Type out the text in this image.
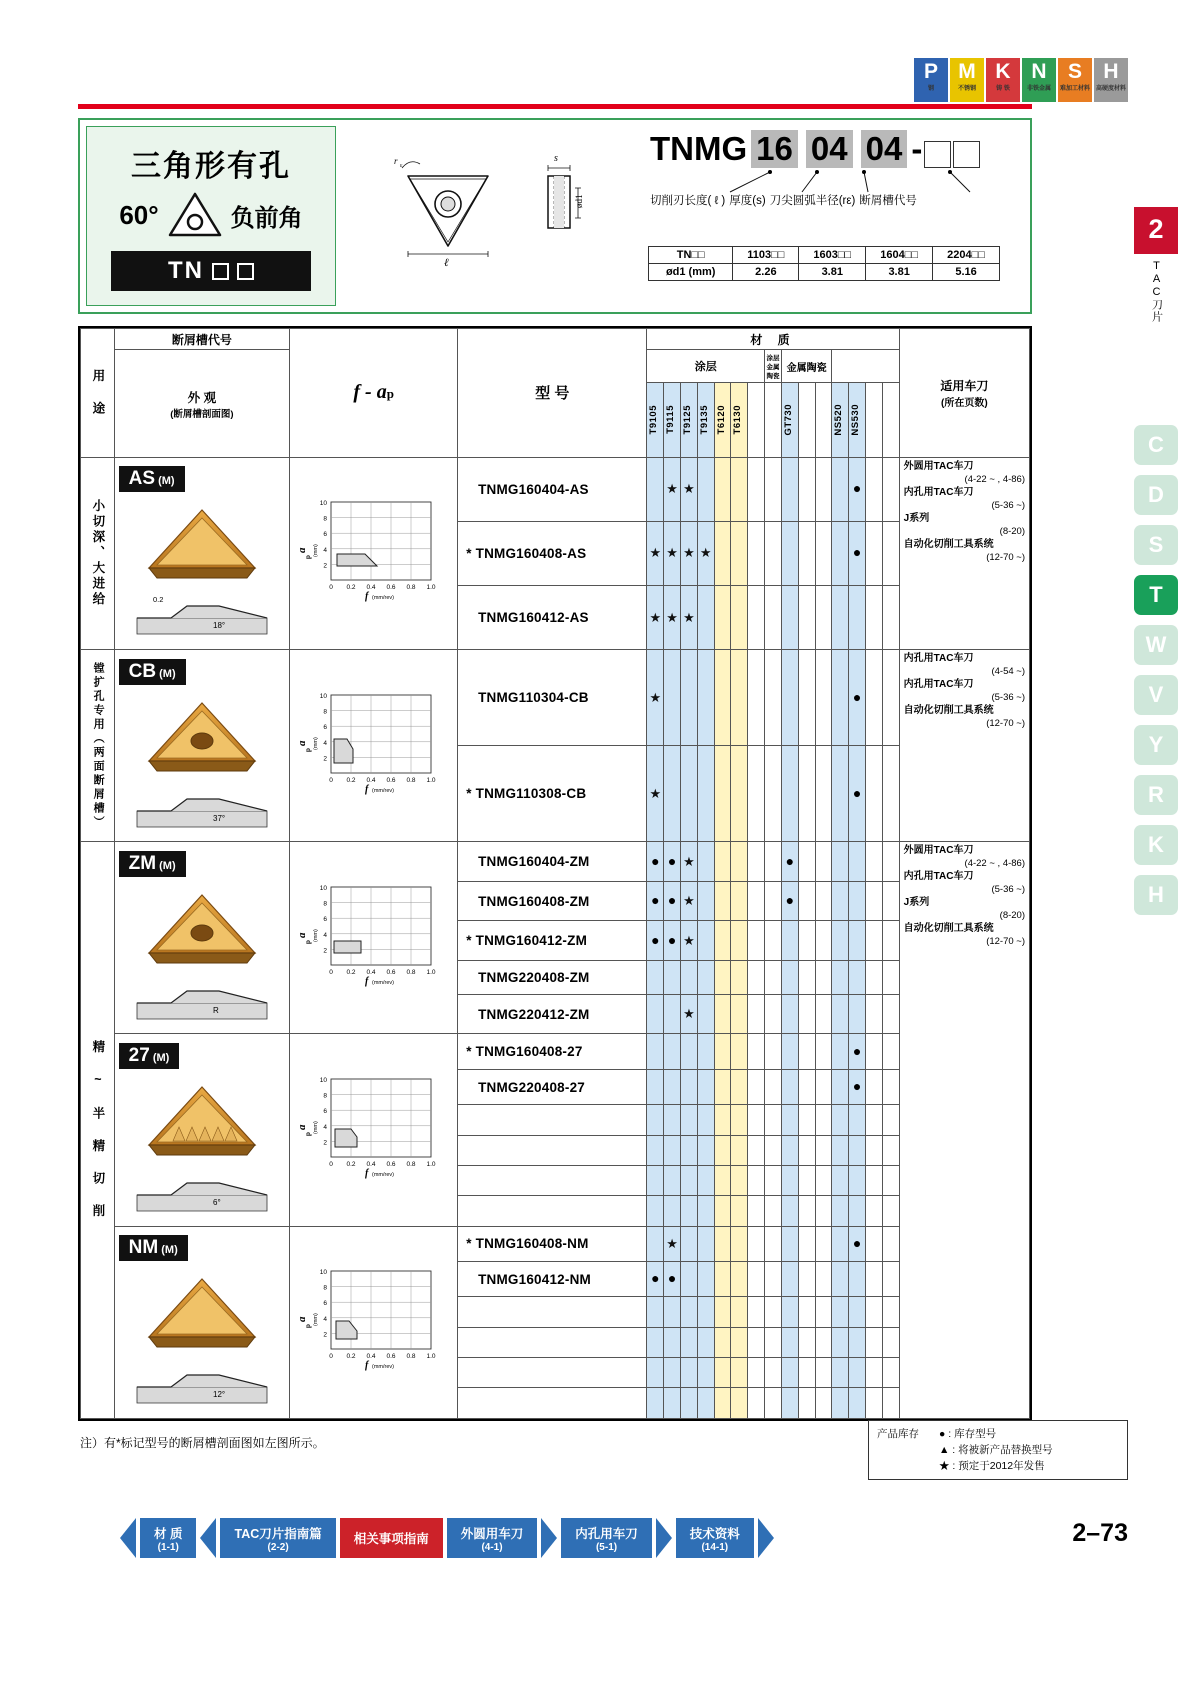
P
钢
M
不锈钢
K
铸 铁
N
非铁金属
S
难加工材料
H
高硬度材料
三角形有孔
60°	负前角
TN
r ε
ℓ
s
ød1
TNMG 16 04 04 -
切削刃长度( ℓ ) 厚度(s) 刀尖圆弧半径(rε) 断屑槽代号
TN□□	1103□□	1603□□	1604□□	2204□□
ød1 (mm)	2.26	3.81	3.81	5.16
2
TAC刀片
C
D
S
T
W
V
Y
R
K
H
用 途	断屑槽代号	f - ap	型 号	材 质															适用车刀
(所在页数)

	外 观
(断屑槽剖面图)			涂层							涂层金属陶瓷	金属陶瓷							

				T9105	T9115	T9125	T9135	T6120	T6130			GT730			NS520	NS530			

小切深、大进给

AS (M)
18°
0.2

10
8
6
4
2
0 0.2 0.4 0.6 0.8 1.0
a
p
(mm)
f (mm/rev)
	TNMG160404-AS		★	★										●			
外圆用TAC车刀
(4-22 ~ , 4-86)
内孔用TAC车刀
(5-36 ~)
J系列
(8-20)
自动化切削工具系统
(12-70 ~)

			* TNMG160408-AS	★	★	★	★									●			
			TNMG160412-AS	★	★	★													

镗扩孔专用（两面断屑槽）	CB (M)
37°

10
8
6
4
2
0 0.2 0.4 0.6 0.8 1.0
a
p
(mm)
f (mm/rev)
	TNMG110304-CB	★												●			
内孔用TAC车刀
(4-54 ~)
内孔用TAC车刀
(5-36 ~)
自动化切削工具系统
(12-70 ~)

			* TNMG110308-CB	★												●			

精 ~ 半 精 切 削

ZM (M)
R

10
8
6
4
2
0 0.2 0.4 0.6 0.8 1.0
a
p
(mm)
f (mm/rev)
	TNMG160404-ZM	●	●	★						●							
外圆用TAC车刀
(4-22 ~ , 4-86)
内孔用TAC车刀
(5-36 ~)
J系列
(8-20)
自动化切削工具系统
(12-70 ~)

			TNMG160408-ZM	●	●	★						●							
			* TNMG160412-ZM	●	●	★													
			TNMG220408-ZM																
			TNMG220412-ZM			★													

27 (M)
6°

10
8
6
4
2
0 0.2 0.4 0.6 0.8 1.0
a
p
(mm)
f (mm/rev)
	* TNMG160408-27													●		
			TNMG220408-27													●			

NM (M)
12°

10
8
6
4
2
0 0.2 0.4 0.6 0.8 1.0
a
p
(mm)
f (mm/rev)
	* TNMG160408-NM		★											●		
			TNMG160412-NM	●	●														

注）有*标记型号的断屑槽剖面图如左图所示。
产品库存	● : 库存型号
▲ : 将被新产品替换型号
★ : 预定于2012年发售
材 质
(1-1)
TAC刀片指南篇
(2-2)
相关事项指南	外圆用车刀
(4-1)
内孔用车刀
(5-1)
技术资料
(14-1)	2–73
